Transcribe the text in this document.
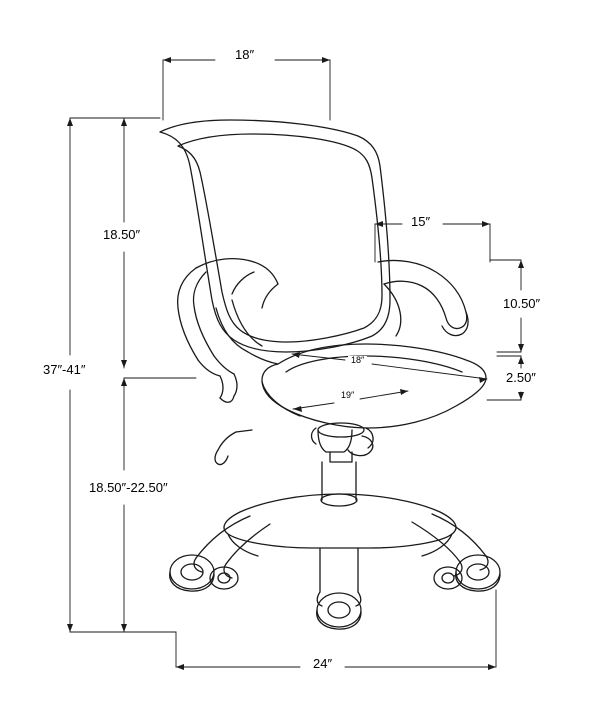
18″
18.50″
37″-41″
18.50″-22.50″
24″
15″
10.50″
2.50″
18″
19″
